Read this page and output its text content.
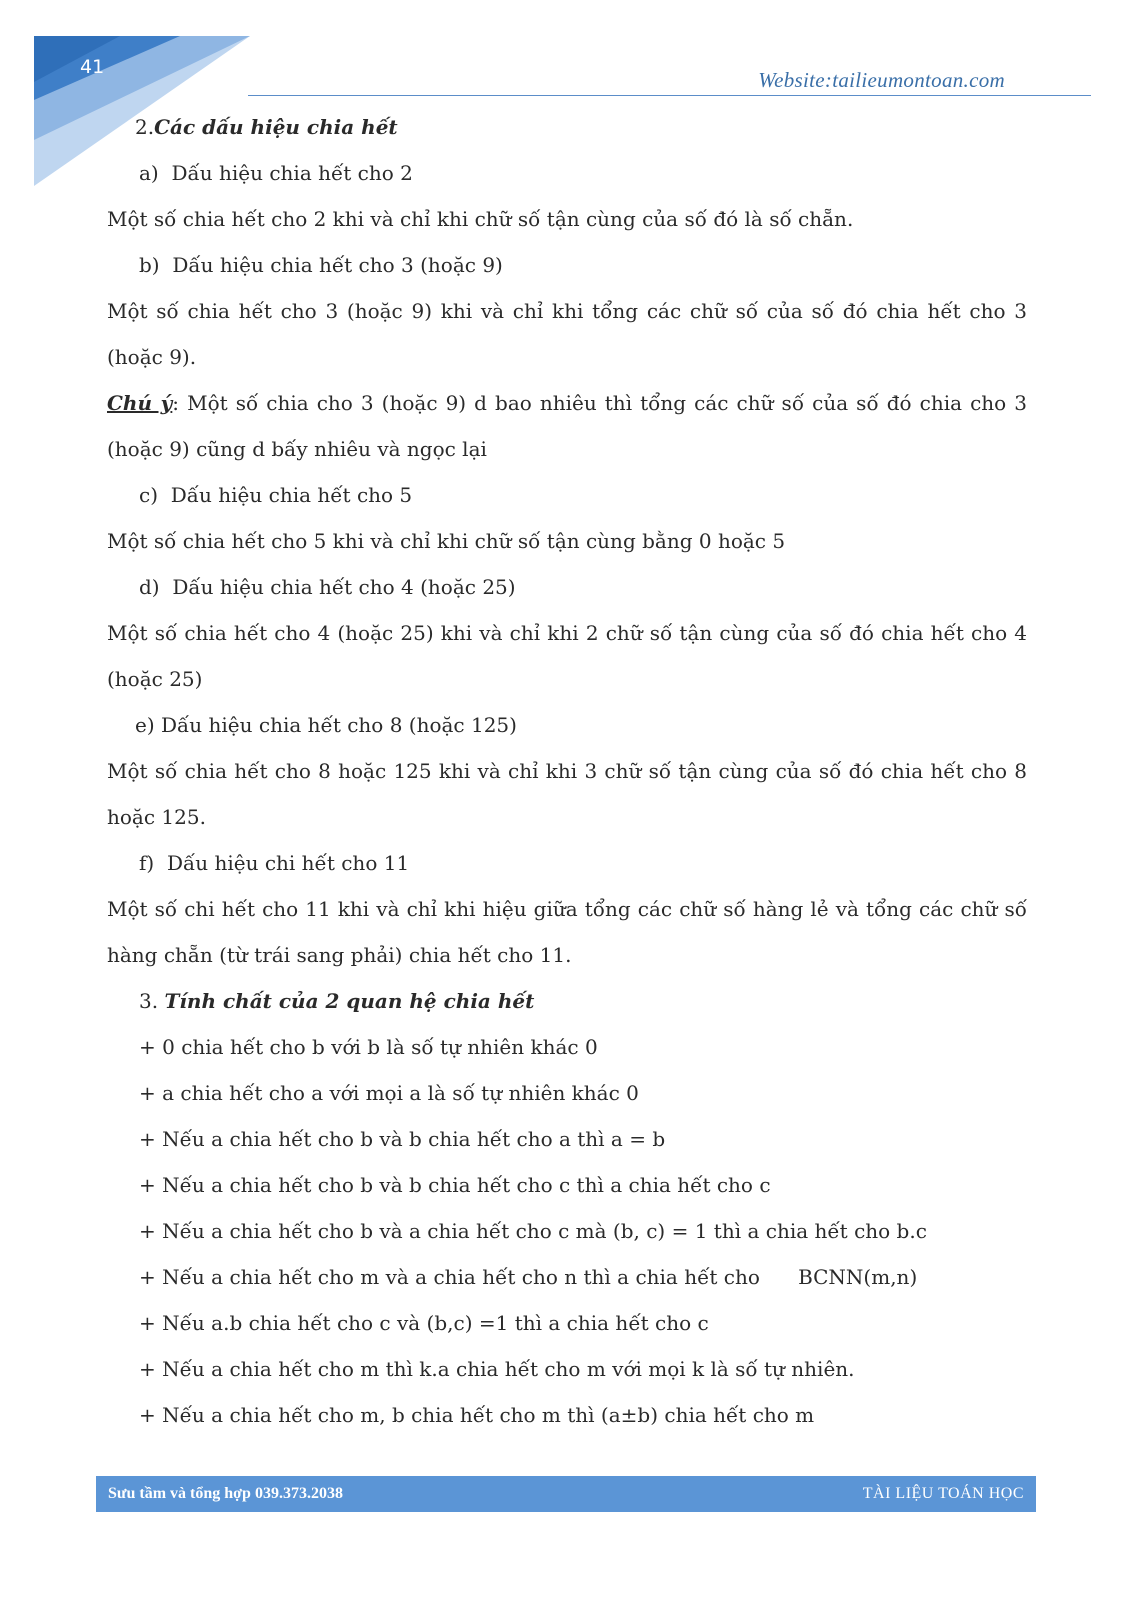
41
Website:tailieumontoan.com

2.Các dấu hiệu chia hết

a) Dấu hiệu chia hết cho 2

Một số chia hết cho 2 khi và chỉ khi chữ số tận cùng của số đó là số chẵn.

b) Dấu hiệu chia hết cho 3 (hoặc 9)

Một số chia hết cho 3 (hoặc 9) khi và chỉ khi tổng các chữ số của số đó chia hết cho 3 (hoặc 9).

Chú ý: Một số chia cho 3 (hoặc 9) d bao nhiêu thì tổng các chữ số của số đó chia cho 3 (hoặc 9) cũng d bấy nhiêu và ngọc lại

c) Dấu hiệu chia hết cho 5

Một số chia hết cho 5 khi và chỉ khi chữ số tận cùng bằng 0 hoặc 5

d) Dấu hiệu chia hết cho 4 (hoặc 25)

Một số chia hết cho 4 (hoặc 25) khi và chỉ khi 2 chữ số tận cùng của số đó chia hết cho 4 (hoặc 25)

e) Dấu hiệu chia hết cho 8 (hoặc 125)

Một số chia hết cho 8 hoặc 125 khi và chỉ khi 3 chữ số tận cùng của số đó chia hết cho 8 hoặc 125.

f) Dấu hiệu chi hết cho 11

Một số chi hết cho 11 khi và chỉ khi hiệu giữa tổng các chữ số hàng lẻ và tổng các chữ số hàng chẵn (từ trái sang phải) chia hết cho 11.

3. Tính chất của 2 quan hệ chia hết

+ 0 chia hết cho b với b là số tự nhiên khác 0

+ a chia hết cho a với mọi a là số tự nhiên khác 0

+ Nếu a chia hết cho b và b chia hết cho a thì a = b

+ Nếu a chia hết cho b và b chia hết cho c thì a chia hết cho c

+ Nếu a chia hết cho b và a chia hết cho c mà (b, c) = 1 thì a chia hết cho b.c

+ Nếu a chia hết cho m và a chia hết cho n thì a chia hết cho      BCNN(m,n)

+ Nếu a.b chia hết cho c và (b,c) =1 thì a chia hết cho c

+ Nếu a chia hết cho m thì k.a chia hết cho m với mọi k là số tự nhiên.

+ Nếu a chia hết cho m, b chia hết cho m thì (a±b) chia hết cho m

Sưu tầm và tổng hợp 039.373.2038	TÀI LIỆU TOÁN HỌC
